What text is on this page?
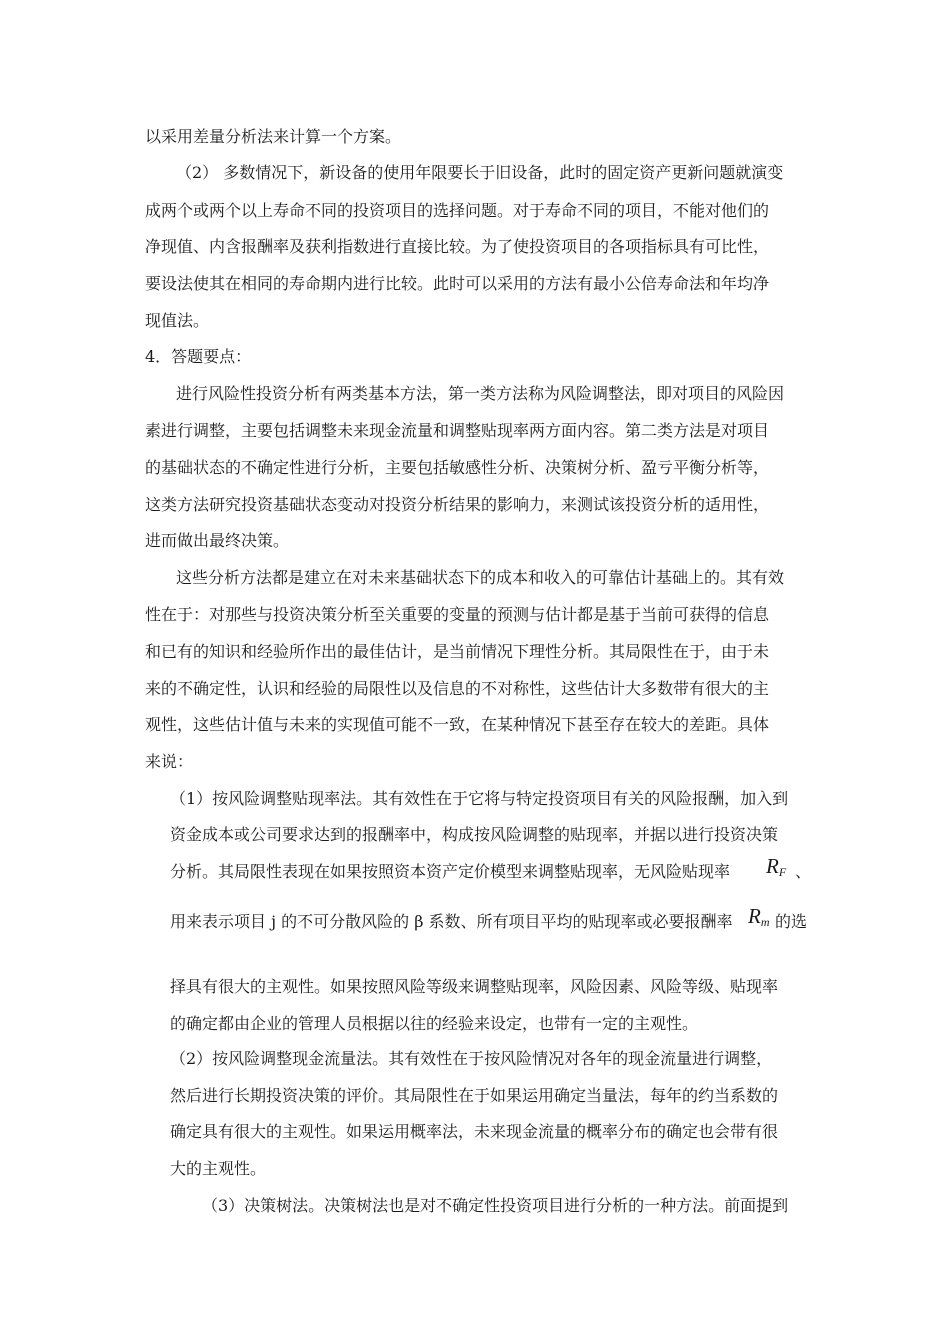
以采用差量分析法来计算一个方案。
（2） 多数情况下，新设备的使用年限要长于旧设备，此时的固定资产更新问题就演变
成两个或两个以上寿命不同的投资项目的选择问题。对于寿命不同的项目，不能对他们的
净现值、内含报酬率及获利指数进行直接比较。为了使投资项目的各项指标具有可比性，
要设法使其在相同的寿命期内进行比较。此时可以采用的方法有最小公倍寿命法和年均净
现值法。
4．答题要点：
进行风险性投资分析有两类基本方法，第一类方法称为风险调整法，即对项目的风险因
素进行调整，主要包括调整未来现金流量和调整贴现率两方面内容。第二类方法是对项目
的基础状态的不确定性进行分析，主要包括敏感性分析、决策树分析、盈亏平衡分析等，
这类方法研究投资基础状态变动对投资分析结果的影响力，来测试该投资分析的适用性，
进而做出最终决策。
这些分析方法都是建立在对未来基础状态下的成本和收入的可靠估计基础上的。其有效
性在于：对那些与投资决策分析至关重要的变量的预测与估计都是基于当前可获得的信息
和已有的知识和经验所作出的最佳估计，是当前情况下理性分析。其局限性在于，由于未
来的不确定性，认识和经验的局限性以及信息的不对称性，这些估计大多数带有很大的主
观性，这些估计值与未来的实现值可能不一致，在某种情况下甚至存在较大的差距。具体
来说：
（1）按风险调整贴现率法。其有效性在于它将与特定投资项目有关的风险报酬，加入到
资金成本或公司要求达到的报酬率中，构成按风险调整的贴现率，并据以进行投资决策
分析。其局限性表现在如果按照资本资产定价模型来调整贴现率，无风险贴现率 $R_F$ 、
用来表示项目 j 的不可分散风险的 β 系数、所有项目平均的贴现率或必要报酬率 $R_m$ 的选
择具有很大的主观性。如果按照风险等级来调整贴现率，风险因素、风险等级、贴现率
的确定都由企业的管理人员根据以往的经验来设定，也带有一定的主观性。
（2）按风险调整现金流量法。其有效性在于按风险情况对各年的现金流量进行调整，
然后进行长期投资决策的评价。其局限性在于如果运用确定当量法，每年的约当系数的
确定具有很大的主观性。如果运用概率法，未来现金流量的概率分布的确定也会带有很
大的主观性。
（3）决策树法。决策树法也是对不确定性投资项目进行分析的一种方法。前面提到
